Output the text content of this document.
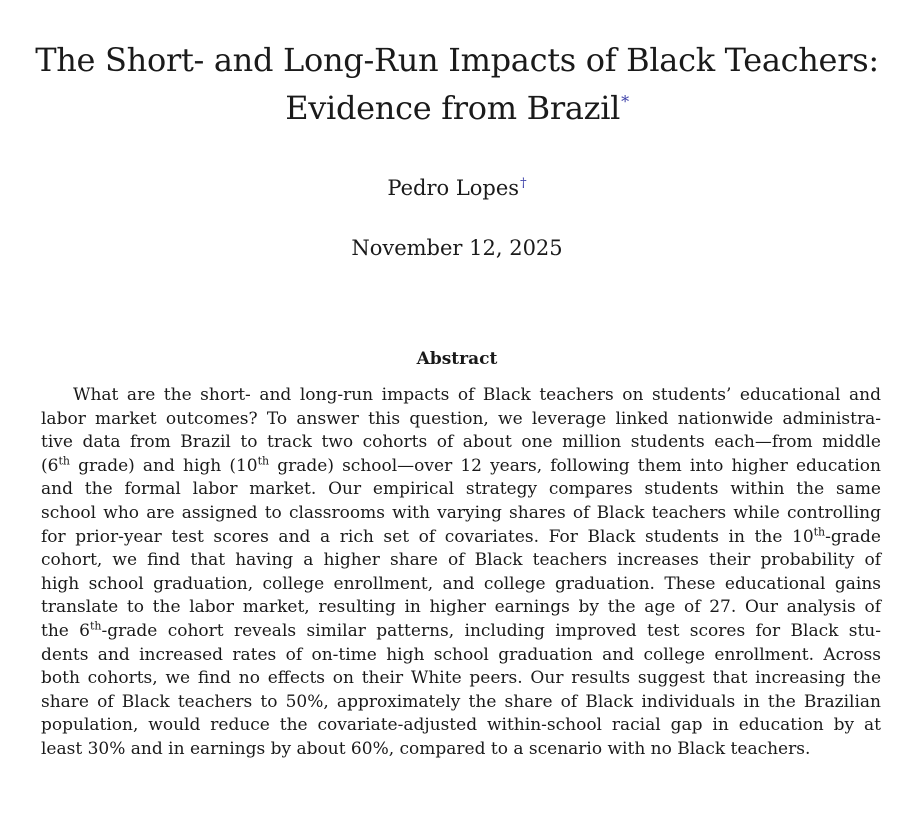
The Short- and Long-Run Impacts of Black Teachers:
Evidence from Brazil*
Pedro Lopes†
November 12, 2025
Abstract
What are the short- and long-run impacts of Black teachers on students’ educational and
labor market outcomes? To answer this question, we leverage linked nationwide administra-
tive data from Brazil to track two cohorts of about one million students each—from middle
(6th grade) and high (10th grade) school—over 12 years, following them into higher education
and the formal labor market. Our empirical strategy compares students within the same
school who are assigned to classrooms with varying shares of Black teachers while controlling
for prior-year test scores and a rich set of covariates. For Black students in the 10th-grade
cohort, we find that having a higher share of Black teachers increases their probability of
high school graduation, college enrollment, and college graduation. These educational gains
translate to the labor market, resulting in higher earnings by the age of 27. Our analysis of
the 6th-grade cohort reveals similar patterns, including improved test scores for Black stu-
dents and increased rates of on-time high school graduation and college enrollment. Across
both cohorts, we find no effects on their White peers. Our results suggest that increasing the
share of Black teachers to 50%, approximately the share of Black individuals in the Brazilian
population, would reduce the covariate-adjusted within-school racial gap in education by at
least 30% and in earnings by about 60%, compared to a scenario with no Black teachers.
